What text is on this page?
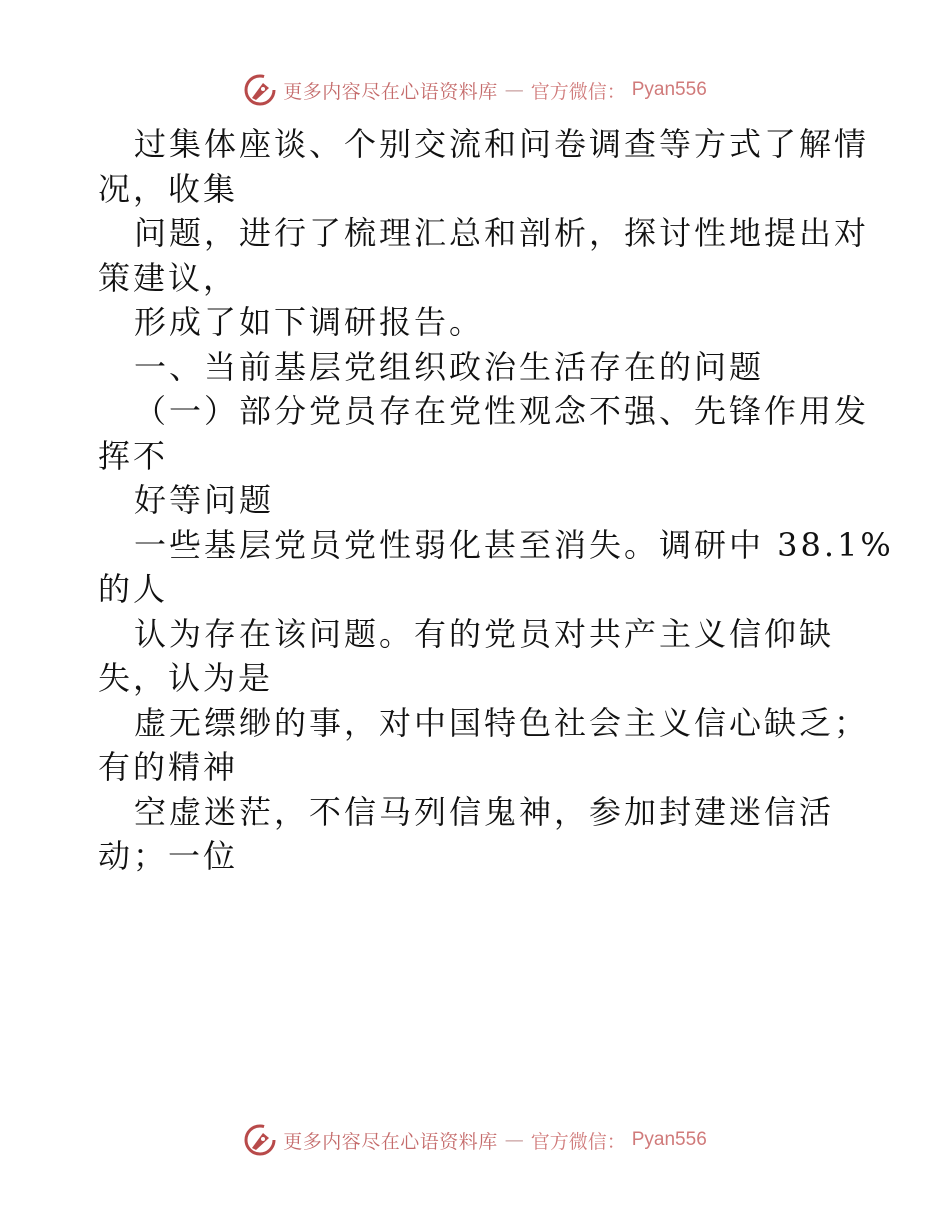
更多内容尽在心语资料库 — 官方微信： Pyan556
过集体座谈、个别交流和问卷调查等方式了解情
况，收集
问题，进行了梳理汇总和剖析，探讨性地提出对
策建议，
形成了如下调研报告。
一、当前基层党组织政治生活存在的问题
（一）部分党员存在党性观念不强、先锋作用发
挥不
好等问题
一些基层党员党性弱化甚至消失。调研中 38.1%
的人
认为存在该问题。有的党员对共产主义信仰缺
失，认为是
虚无缥缈的事，对中国特色社会主义信心缺乏；
有的精神
空虚迷茫，不信马列信鬼神，参加封建迷信活
动；一位
更多内容尽在心语资料库 — 官方微信： Pyan556
